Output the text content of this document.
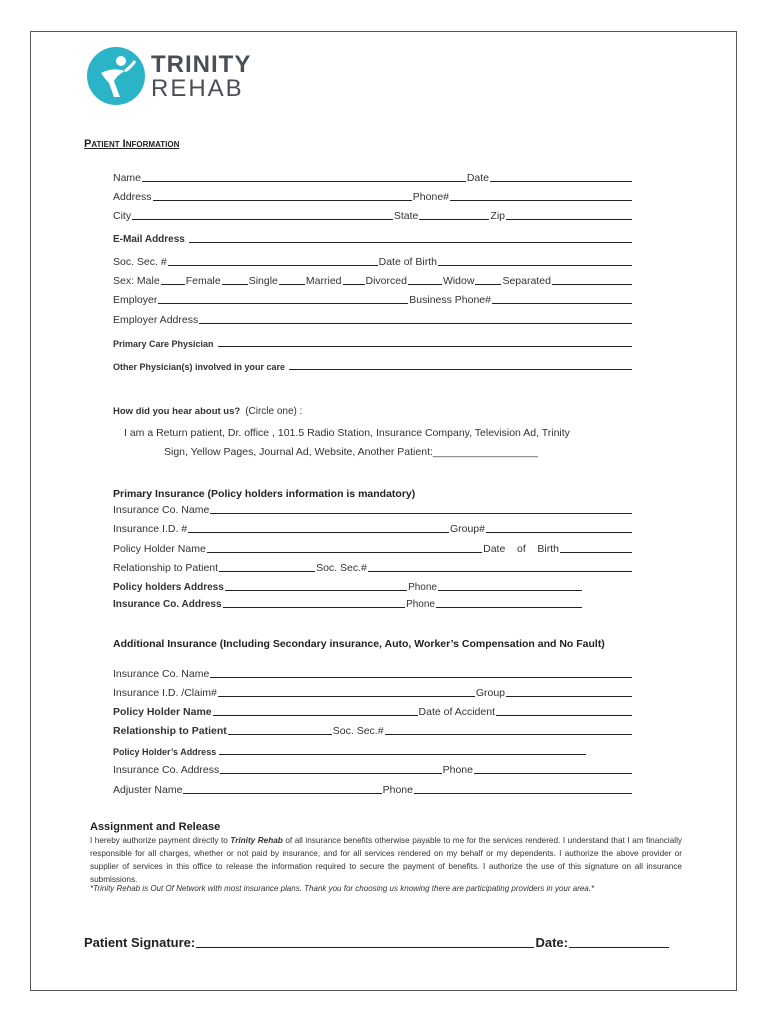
TRINITY
REHAB
Patient Information
Name	Date
Address	Phone#
City	State	Zip
E-Mail Address
Soc. Sec. #	Date of Birth
Sex: Male Female	Single	Married Divorced	Widow	Separated
Employer	Business Phone#
Employer Address
Primary Care Physician
Other Physician(s) involved in your care
How did you hear about us? (Circle one) :
I am a Return patient, Dr. office , 101.5 Radio Station, Insurance Company, Television Ad, Trinity
Sign, Yellow Pages, Journal Ad, Website, Another Patient:__________________
Primary Insurance (Policy holders information is mandatory)
Insurance Co. Name
Insurance I.D. #	Group#
Policy Holder Name	Date    of    Birth
Relationship to Patient	Soc. Sec.#
Policy holders Address	Phone
Insurance Co. Address	Phone
Additional Insurance (Including Secondary insurance, Auto, Worker’s Compensation and No Fault)
Insurance Co. Name
Insurance I.D. /Claim#	Group
Policy Holder Name	Date of Accident
Relationship to Patient	Soc. Sec.#
Policy Holder’s Address
Insurance Co. Address	Phone
Adjuster Name	Phone
Assignment and Release
I hereby authorize payment directly to Trinity Rehab of all insurance benefits otherwise payable to me for the services rendered. I understand that I am financially responsible for all charges, whether or not paid by insurance, and for all services rendered on my behalf or my dependents. I authorize the above provider or supplier of services in this office to release the information required to secure the payment of benefits. I authorize the use of this signature on all insurance submissions.
*Trinity Rehab is Out Of Network with most insurance plans. Thank you for choosing us knowing there are participating providers in your area.*
Patient Signature:	Date:
